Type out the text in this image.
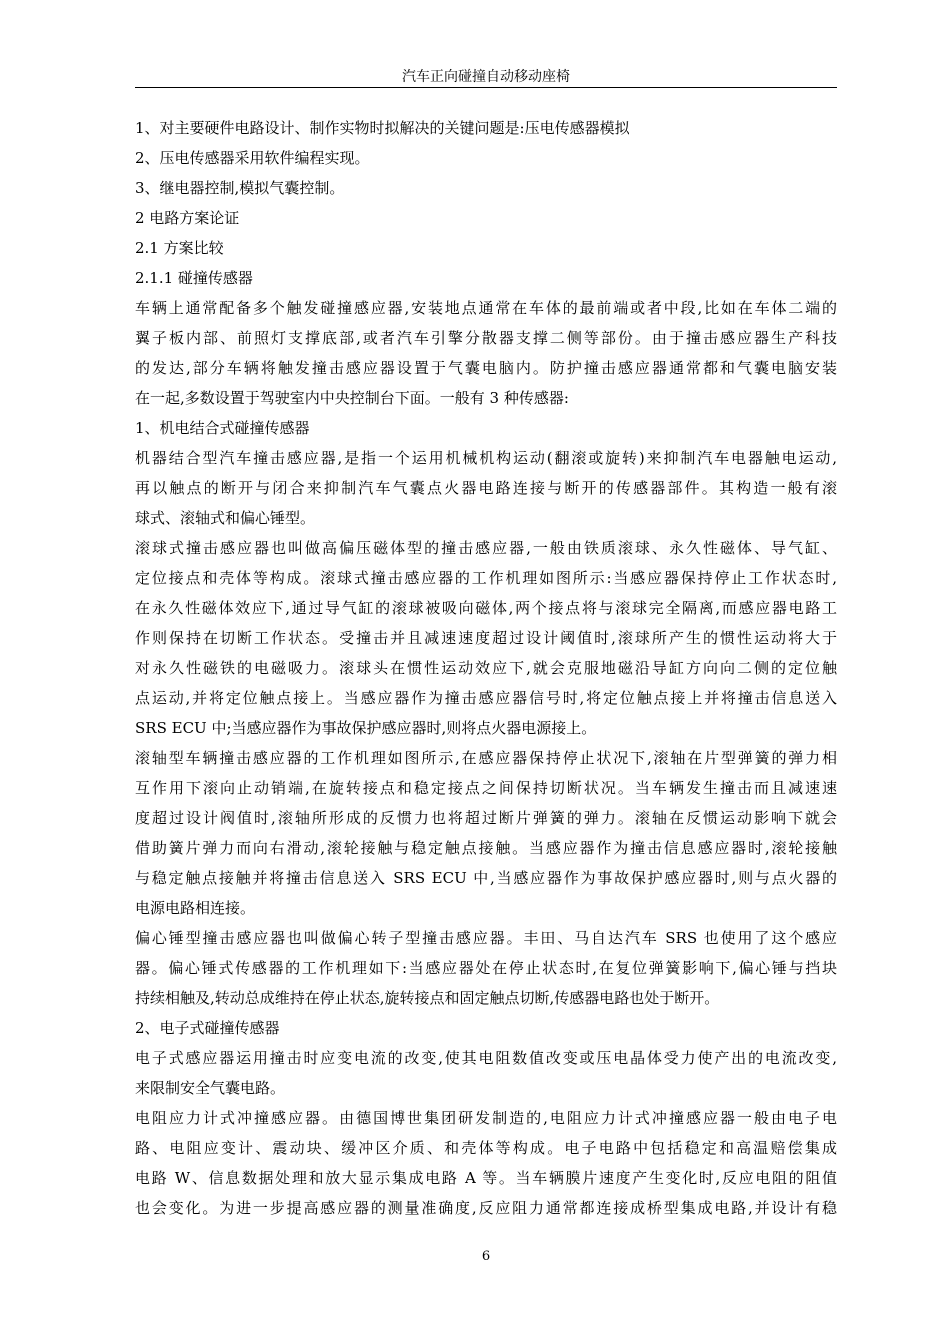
汽车正向碰撞自动移动座椅
1、对主要硬件电路设计、制作实物时拟解决的关键问题是:压电传感器模拟
2、压电传感器采用软件编程实现。
3、继电器控制,模拟气囊控制。
2 电路方案论证
2.1 方案比较
2.1.1 碰撞传感器
车辆上通常配备多个触发碰撞感应器,安装地点通常在车体的最前端或者中段,比如在车体二端的
翼子板内部、前照灯支撑底部,或者汽车引擎分散器支撑二侧等部份。由于撞击感应器生产科技
的发达,部分车辆将触发撞击感应器设置于气囊电脑内。防护撞击感应器通常都和气囊电脑安装
在一起,多数设置于驾驶室内中央控制台下面。一般有 3 种传感器:
1、机电结合式碰撞传感器
机器结合型汽车撞击感应器,是指一个运用机械机构运动(翻滚或旋转)来抑制汽车电器触电运动,
再以触点的断开与闭合来抑制汽车气囊点火器电路连接与断开的传感器部件。其构造一般有滚
球式、滚轴式和偏心锤型。
滚球式撞击感应器也叫做高偏压磁体型的撞击感应器,一般由铁质滚球、永久性磁体、导气缸、
定位接点和壳体等构成。滚球式撞击感应器的工作机理如图所示:当感应器保持停止工作状态时,
在永久性磁体效应下,通过导气缸的滚球被吸向磁体,两个接点将与滚球完全隔离,而感应器电路工
作则保持在切断工作状态。受撞击并且减速速度超过设计阈值时,滚球所产生的惯性运动将大于
对永久性磁铁的电磁吸力。滚球头在惯性运动效应下,就会克服地磁沿导缸方向向二侧的定位触
点运动,并将定位触点接上。当感应器作为撞击感应器信号时,将定位触点接上并将撞击信息送入
SRS ECU 中;当感应器作为事故保护感应器时,则将点火器电源接上。
滚轴型车辆撞击感应器的工作机理如图所示,在感应器保持停止状况下,滚轴在片型弹簧的弹力相
互作用下滚向止动销端,在旋转接点和稳定接点之间保持切断状况。当车辆发生撞击而且减速速
度超过设计阀值时,滚轴所形成的反惯力也将超过断片弹簧的弹力。滚轴在反惯运动影响下就会
借助簧片弹力而向右滑动,滚轮接触与稳定触点接触。当感应器作为撞击信息感应器时,滚轮接触
与稳定触点接触并将撞击信息送入 SRS ECU 中,当感应器作为事故保护感应器时,则与点火器的
电源电路相连接。
偏心锤型撞击感应器也叫做偏心转子型撞击感应器。丰田、马自达汽车 SRS 也使用了这个感应
器。偏心锤式传感器的工作机理如下:当感应器处在停止状态时,在复位弹簧影响下,偏心锤与挡块
持续相触及,转动总成维持在停止状态,旋转接点和固定触点切断,传感器电路也处于断开。
2、电子式碰撞传感器
电子式感应器运用撞击时应变电流的改变,使其电阻数值改变或压电晶体受力使产出的电流改变,
来限制安全气囊电路。
电阻应力计式冲撞感应器。由德国博世集团研发制造的,电阻应力计式冲撞感应器一般由电子电
路、电阻应变计、震动块、缓冲区介质、和壳体等构成。电子电路中包括稳定和高温赔偿集成
电路 W、信息数据处理和放大显示集成电路 A 等。当车辆膜片速度产生变化时,反应电阻的阻值
也会变化。为进一步提高感应器的测量准确度,反应阻力通常都连接成桥型集成电路,并设计有稳
6
